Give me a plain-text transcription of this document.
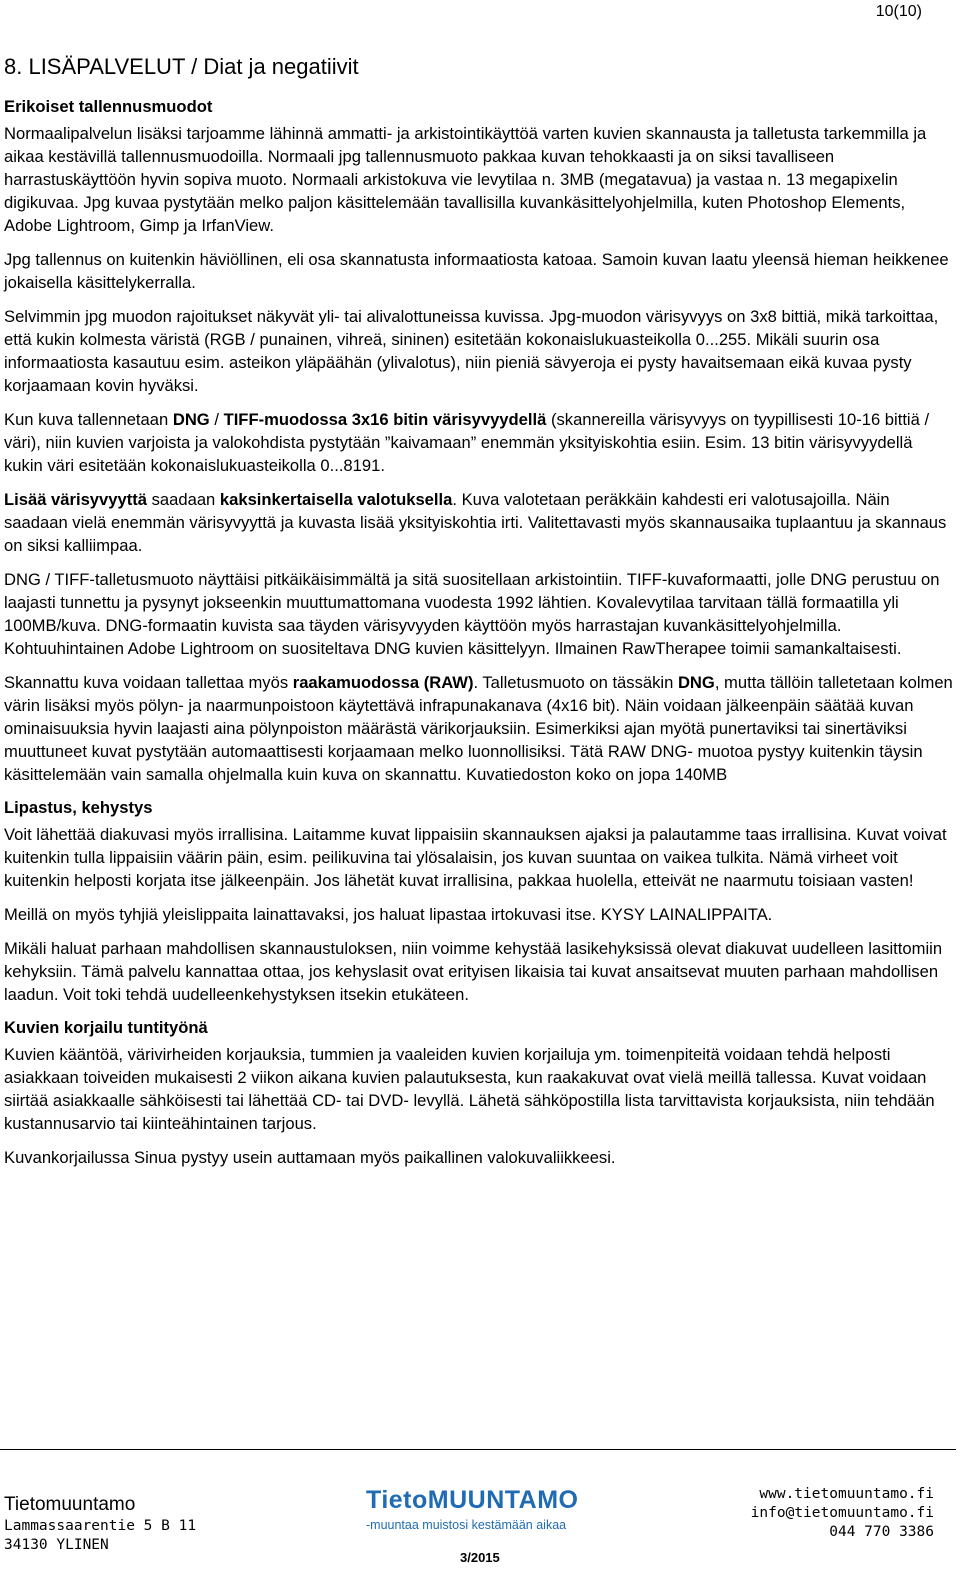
10(10)
8. LISÄPALVELUT / Diat ja negatiivit
Erikoiset tallennusmuodot

Normaalipalvelun lisäksi tarjoamme lähinnä ammatti- ja arkistointikäyttöä varten kuvien skannausta ja talletusta tarkemmilla ja aikaa kestävillä tallennusmuodoilla. Normaali jpg tallennusmuoto pakkaa kuvan tehokkaasti ja on siksi tavalliseen harrastuskäyttöön hyvin sopiva muoto. Normaali arkistokuva vie levytilaa n. 3MB (megatavua) ja vastaa n. 13 megapixelin digikuvaa. Jpg kuvaa pystytään melko paljon käsittelemään tavallisilla kuvankäsittelyohjelmilla, kuten Photoshop Elements, Adobe Lightroom, Gimp ja IrfanView.

Jpg tallennus on kuitenkin häviöllinen, eli osa skannatusta informaatiosta katoaa. Samoin kuvan laatu yleensä hieman heikkenee jokaisella käsittelykerralla.

Selvimmin jpg muodon rajoitukset näkyvät yli- tai alivalottuneissa kuvissa. Jpg-muodon värisyvyys on 3x8 bittiä, mikä tarkoittaa, että kukin kolmesta väristä (RGB / punainen, vihreä, sininen) esitetään kokonaislukuasteikolla 0...255. Mikäli suurin osa informaatiosta kasautuu esim. asteikon yläpäähän (ylivalotus), niin pieniä sävyeroja ei pysty havaitsemaan eikä kuvaa pysty korjaamaan kovin hyväksi.

Kun kuva tallennetaan DNG / TIFF-muodossa 3x16 bitin värisyvyydellä (skannereilla värisyvyys on tyypillisesti 10-16 bittiä / väri), niin kuvien varjoista ja valokohdista pystytään ”kaivamaan” enemmän yksityiskohtia esiin. Esim. 13 bitin värisyvyydellä kukin väri esitetään kokonaislukuasteikolla 0...8191.

Lisää värisyvyyttä saadaan kaksinkertaisella valotuksella. Kuva valotetaan peräkkäin kahdesti eri valotusajoilla. Näin saadaan vielä enemmän värisyvyyttä ja kuvasta lisää yksityiskohtia irti. Valitettavasti myös skannausaika tuplaantuu ja skannaus on siksi kalliimpaa.

DNG / TIFF-talletusmuoto näyttäisi pitkäikäisimmältä ja sitä suositellaan arkistointiin. TIFF-kuvaformaatti, jolle DNG perustuu on laajasti tunnettu ja pysynyt jokseenkin muuttumattomana vuodesta 1992 lähtien. Kovalevytilaa tarvitaan tällä formaatilla yli 100MB/kuva. DNG-formaatin kuvista saa täyden värisyvyyden käyttöön myös harrastajan kuvankäsittelyohjelmilla. Kohtuuhintainen Adobe Lightroom on suositeltava DNG kuvien käsittelyyn. Ilmainen RawTherapee toimii samankaltaisesti.

Skannattu kuva voidaan tallettaa myös raakamuodossa (RAW). Talletusmuoto on tässäkin DNG, mutta tällöin talletetaan kolmen värin lisäksi myös pölyn- ja naarmunpoistoon käytettävä infrapunakanava (4x16 bit). Näin voidaan jälkeenpäin säätää kuvan ominaisuuksia hyvin laajasti aina pölynpoiston määrästä värikorjauksiin. Esimerkiksi ajan myötä punertaviksi tai sinertäviksi muuttuneet kuvat pystytään automaattisesti korjaamaan melko luonnollisiksi. Tätä RAW DNG- muotoa pystyy kuitenkin täysin käsittelemään vain samalla ohjelmalla kuin kuva on skannattu. Kuvatiedoston koko on jopa 140MB

Lipastus, kehystys

Voit lähettää diakuvasi myös irrallisina. Laitamme kuvat lippaisiin skannauksen ajaksi ja palautamme taas irrallisina. Kuvat voivat kuitenkin tulla lippaisiin väärin päin, esim. peilikuvina tai ylösalaisin, jos kuvan suuntaa on vaikea tulkita. Nämä virheet voit kuitenkin helposti korjata itse jälkeenpäin. Jos lähetät kuvat irrallisina, pakkaa huolella, etteivät ne naarmutu toisiaan vasten!

Meillä on myös tyhjiä yleislippaita lainattavaksi, jos haluat lipastaa irtokuvasi itse. KYSY LAINALIPPAITA.

Mikäli haluat parhaan mahdollisen skannaustuloksen, niin voimme kehystää lasikehyksissä olevat diakuvat uudelleen lasittomiin kehyksiin. Tämä palvelu kannattaa ottaa, jos kehyslasit ovat erityisen likaisia tai kuvat ansaitsevat muuten parhaan mahdollisen laadun. Voit toki tehdä uudelleenkehystyksen itsekin etukäteen.

Kuvien korjailu tuntityönä

Kuvien kääntöä, värivirheiden korjauksia, tummien ja vaaleiden kuvien korjailuja ym. toimenpiteitä voidaan tehdä helposti asiakkaan toiveiden mukaisesti 2 viikon aikana kuvien palautuksesta, kun raakakuvat ovat vielä meillä tallessa. Kuvat voidaan siirtää asiakkaalle sähköisesti tai lähettää CD- tai DVD- levyllä. Lähetä sähköpostilla lista tarvittavista korjauksista, niin tehdään kustannusarvio tai kiinteähintainen tarjous.

Kuvankorjailussa Sinua pystyy usein auttamaan myös paikallinen valokuvaliikkeesi.

Tietomuuntamo
Lammassaarentie 5 B 11
34130 YLINEN
TietoMUUNTAMO
-muuntaa muistosi kestämään aikaa
3/2015
www.tietomuuntamo.fi
info@tietomuuntamo.fi
044 770 3386
